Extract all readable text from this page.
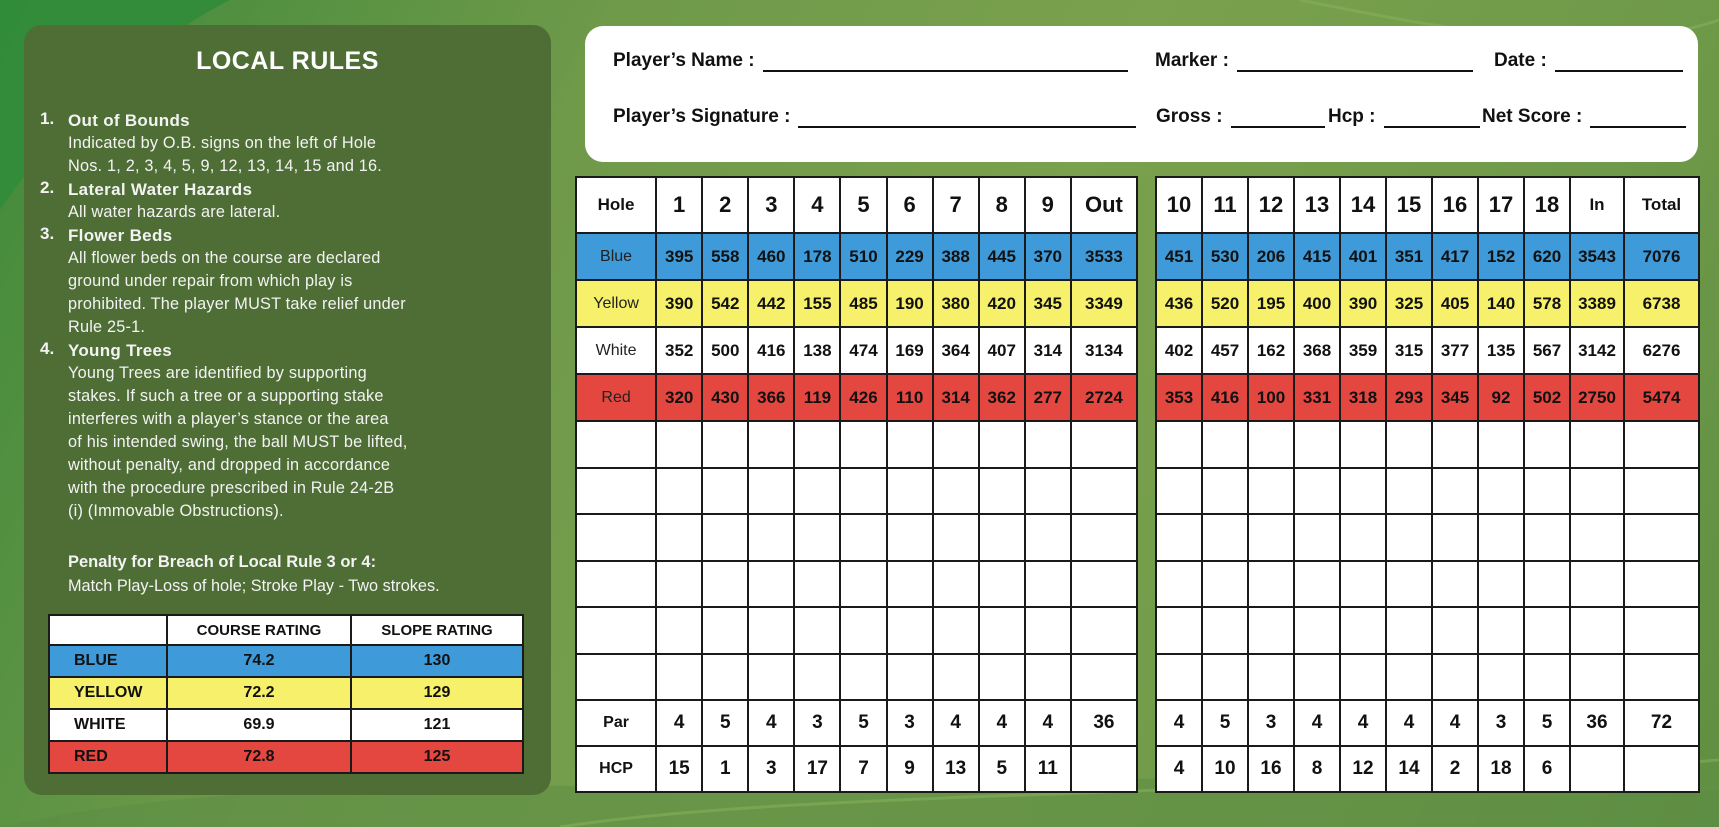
LOCAL RULES
1. Out of Bounds
Indicated by O.B. signs on the left of Hole
Nos. 1, 2, 3, 4, 5, 9, 12, 13, 14, 15 and 16.
2. Lateral Water Hazards
All water hazards are lateral.
3. Flower Beds
All flower beds on the course are declared
ground under repair from which play is
prohibited. The player MUST take relief under
Rule 25-1.
4. Young Trees
Young Trees are identified by supporting
stakes. If such a tree or a supporting stake
interferes with a player’s stance or the area
of his intended swing, the ball MUST be lifted,
without penalty, and dropped in accordance
with the procedure prescribed in Rule 24-2B
(i) (Immovable Obstructions).
Penalty for Breach of Local Rule 3 or 4:
Match Play-Loss of hole; Stroke Play - Two strokes.
	COURSE RATING	SLOPE RATING
BLUE	74.2	130
YELLOW	72.2	129
WHITE	69.9	121
RED	72.8	125
Player’s Name :	Marker :	Date :
Player’s Signature :	Gross :	Hcp :	Net Score :
Hole	1	2	3	4	5	6	7	8	9	Out
Blue	395	558	460	178	510	229	388	445	370	3533
Yellow	390	542	442	155	485	190	380	420	345	3349
White	352	500	416	138	474	169	364	407	314	3134
Red	320	430	366	119	426	110	314	362	277	2724

Par	4	5	4	3	5	3	4	4	4	36
HCP	15	1	3	17	7	9	13	5	11	
10	11	12	13	14	15	16	17	18	In	Total
451	530	206	415	401	351	417	152	620	3543	7076
436	520	195	400	390	325	405	140	578	3389	6738
402	457	162	368	359	315	377	135	567	3142	6276
353	416	100	331	318	293	345	92	502	2750	5474

4	5	3	4	4	4	4	3	5	36	72
4	10	16	8	12	14	2	18	6		
